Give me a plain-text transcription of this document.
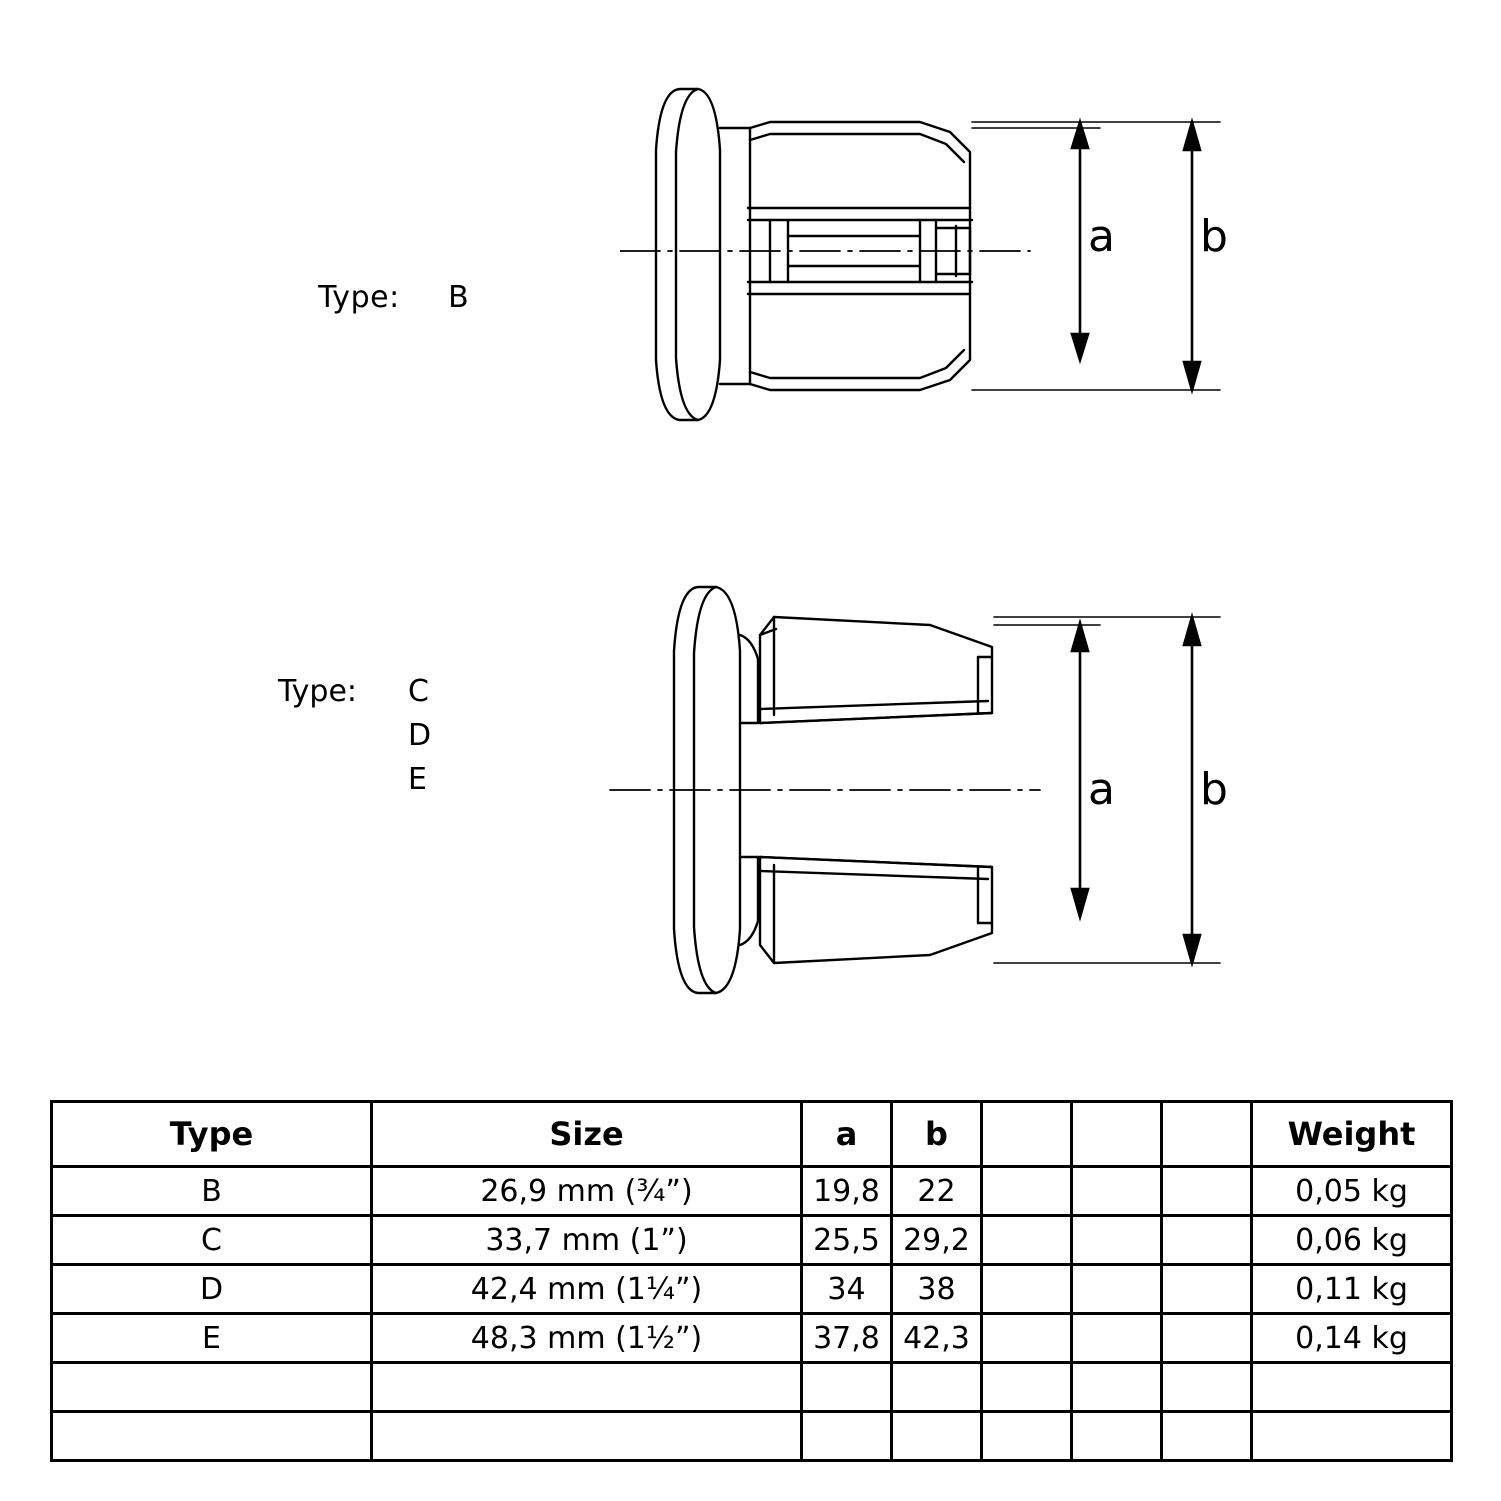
Type: B

a b
Type: C
D
E	a b
Type	Size	a	b				Weight
B	26,9 mm (¾”)	19,8	22				0,05 kg
C	33,7 mm (1”)	25,5	29,2				0,06 kg
D	42,4 mm (1¼”)	34	38				0,11 kg
E	48,3 mm (1½”)	37,8	42,3				0,14 kg
